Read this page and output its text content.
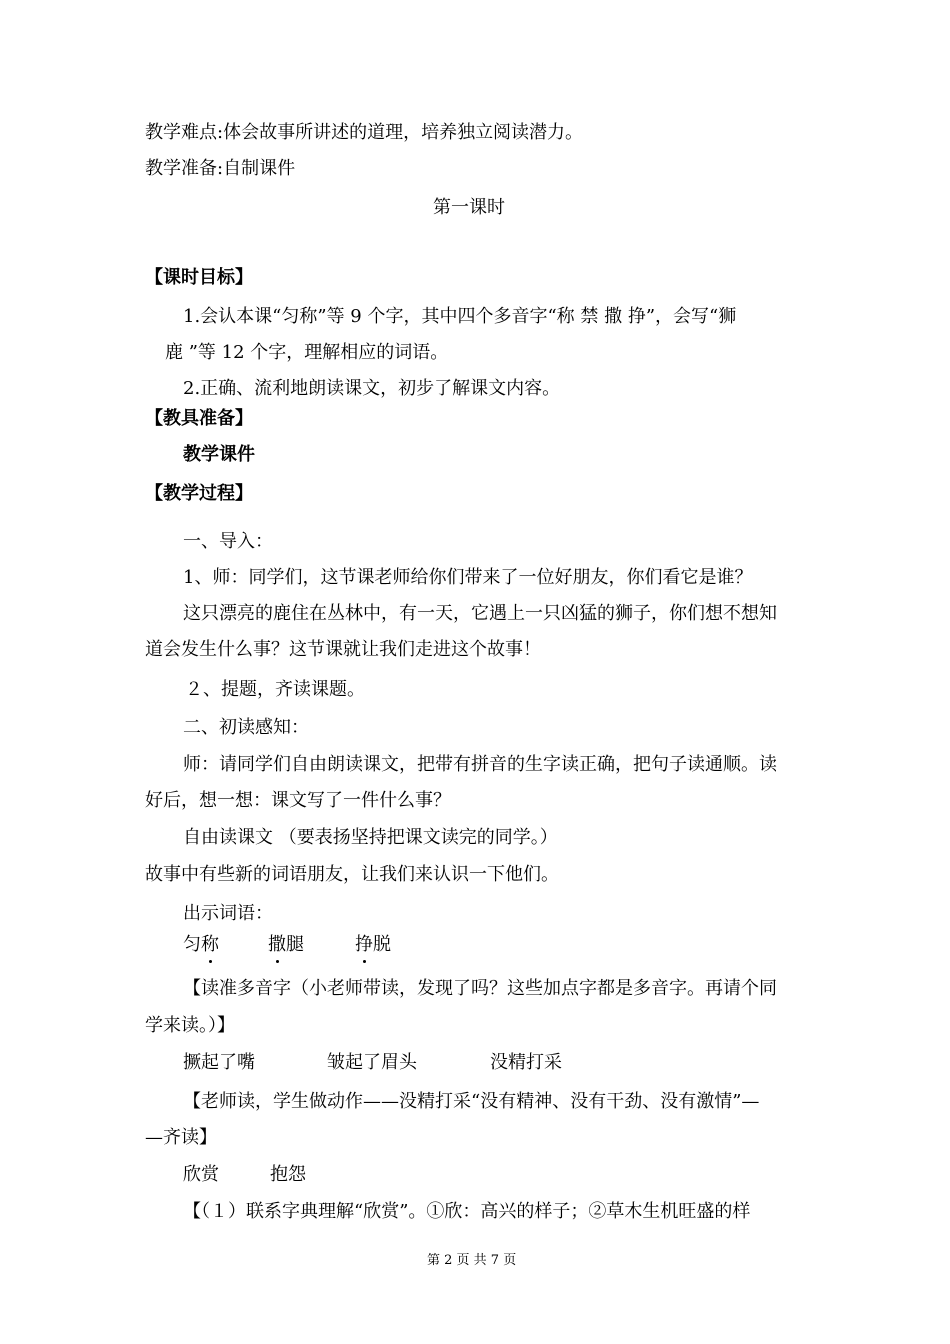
教学难点:体会故事所讲述的道理，培养独立阅读潜力。
教学准备:自制课件
第一课时
【课时目标】
1.会认本课“匀称”等 9 个字，其中四个多音字“称 禁 撒 挣”，会写“狮
鹿 ”等 12 个字，理解相应的词语。
2.正确、流利地朗读课文，初步了解课文内容。
【教具准备】
教学课件
【教学过程】
一、导入：
1、师：同学们，这节课老师给你们带来了一位好朋友，你们看它是谁？
这只漂亮的鹿住在丛林中，有一天，它遇上一只凶猛的狮子，你们想不想知
道会发生什么事？这节课就让我们走进这个故事！
２、提题，齐读课题。
二、初读感知：
师：请同学们自由朗读课文，把带有拼音的生字读正确，把句子读通顺。读
好后，想一想：课文写了一件什么事？
自由读课文 （要表扬坚持把课文读完的同学。）
故事中有些新的词语朋友，让我们来认识一下他们。
出示词语：
匀称	撒腿	挣脱
【读准多音字（小老师带读，发现了吗？这些加点字都是多音字。再请个同
学来读。）】
撅起了嘴	皱起了眉头	没精打采
【老师读，学生做动作——没精打采“没有精神、没有干劲、没有激情”—
—齐读】
欣赏	抱怨
【（１）联系字典理解“欣赏”。①欣：高兴的样子；②草木生机旺盛的样
第 2 页 共 7 页
